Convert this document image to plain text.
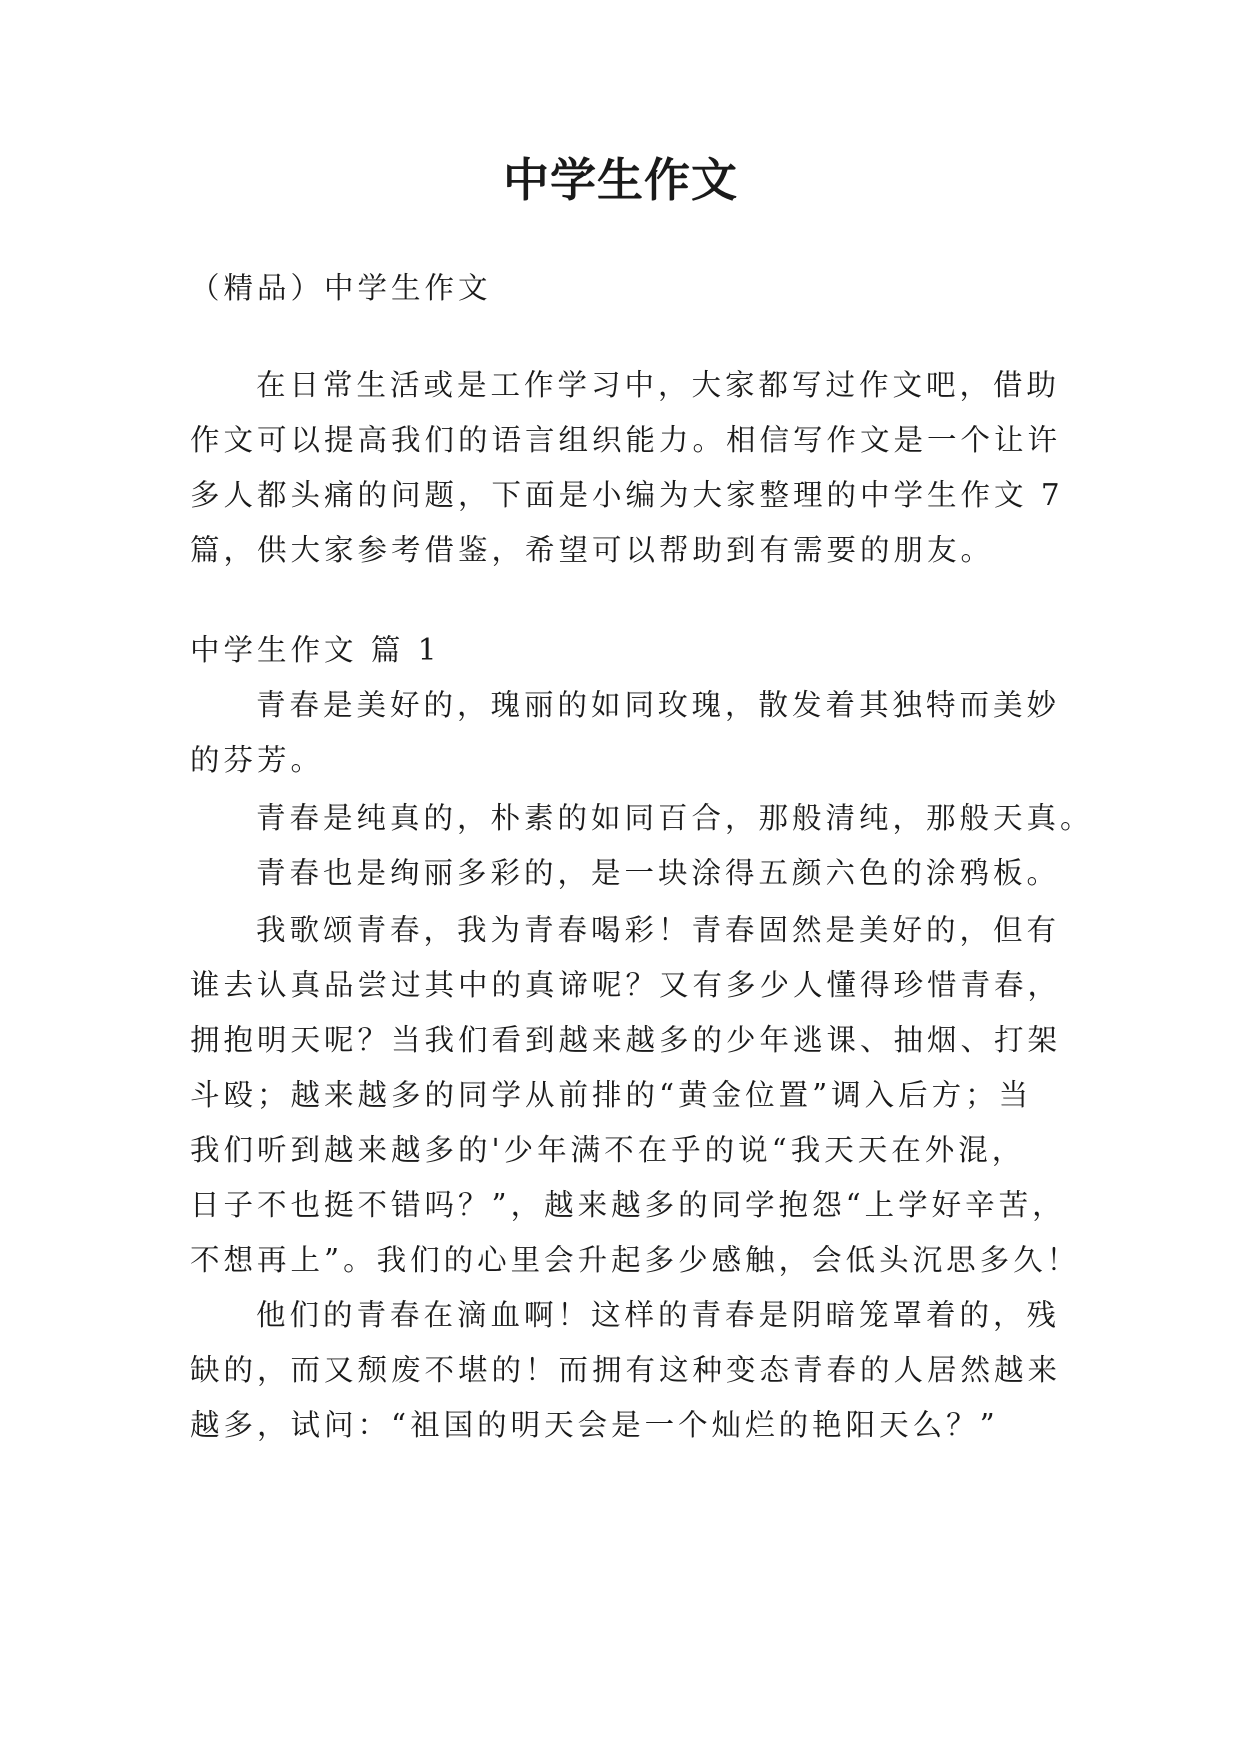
中学生作文

（精品）中学生作文

在日常生活或是工作学习中，大家都写过作文吧，借助

作文可以提高我们的语言组织能力。相信写作文是一个让许

多人都头痛的问题，下面是小编为大家整理的中学生作文 7

篇，供大家参考借鉴，希望可以帮助到有需要的朋友。

中学生作文 篇 1

青春是美好的，瑰丽的如同玫瑰，散发着其独特而美妙

的芬芳。

青春是纯真的，朴素的如同百合，那般清纯，那般天真。

青春也是绚丽多彩的，是一块涂得五颜六色的涂鸦板。

我歌颂青春，我为青春喝彩！青春固然是美好的，但有

谁去认真品尝过其中的真谛呢？又有多少人懂得珍惜青春，

拥抱明天呢？当我们看到越来越多的少年逃课、抽烟、打架

斗殴；越来越多的同学从前排的“黄金位置”调入后方；当

我们听到越来越多的'少年满不在乎的说“我天天在外混，

日子不也挺不错吗？”，越来越多的同学抱怨“上学好辛苦，

不想再上”。我们的心里会升起多少感触，会低头沉思多久！

他们的青春在滴血啊！这样的青春是阴暗笼罩着的，残

缺的，而又颓废不堪的！而拥有这种变态青春的人居然越来

越多，试问：“祖国的明天会是一个灿烂的艳阳天么？”
